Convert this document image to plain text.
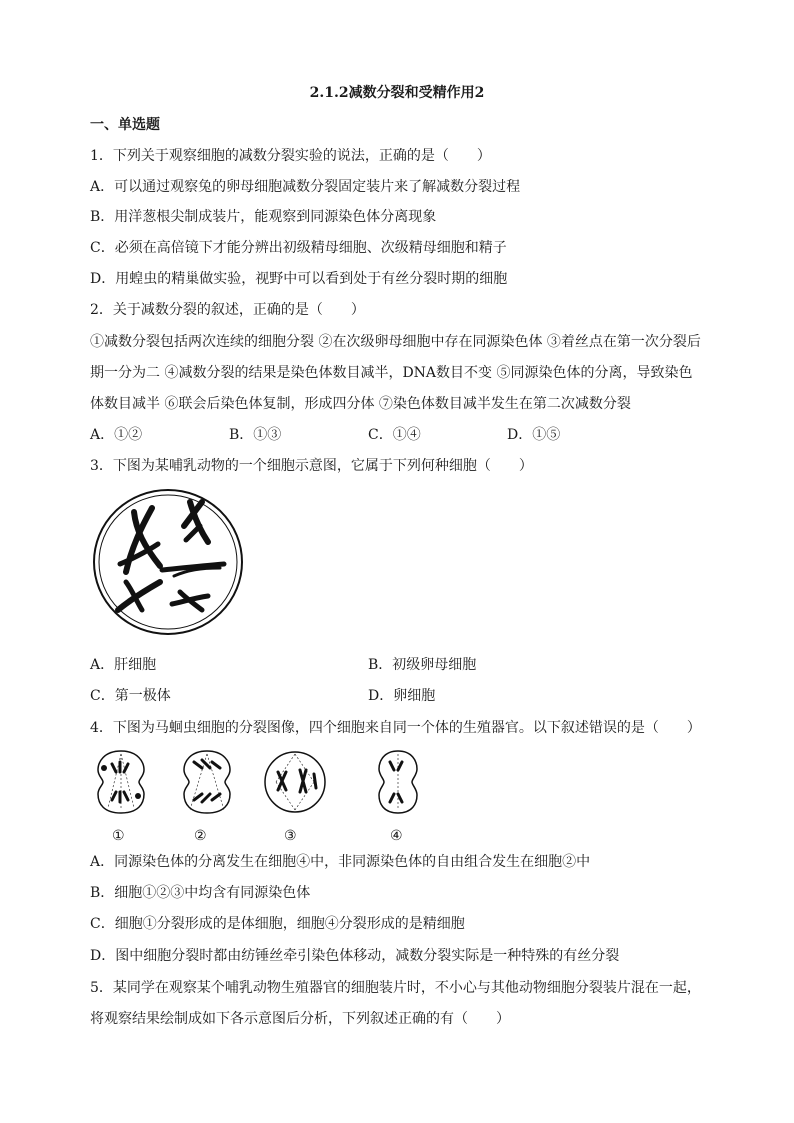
2.1.2减数分裂和受精作用2
一、单选题
1．下列关于观察细胞的减数分裂实验的说法，正确的是（　　）
A．可以通过观察兔的卵母细胞减数分裂固定装片来了解减数分裂过程
B．用洋葱根尖制成装片，能观察到同源染色体分离现象
C．必须在高倍镜下才能分辨出初级精母细胞、次级精母细胞和精子
D．用蝗虫的精巢做实验，视野中可以看到处于有丝分裂时期的细胞
2．关于减数分裂的叙述，正确的是（　　）
①减数分裂包括两次连续的细胞分裂 ②在次级卵母细胞中存在同源染色体 ③着丝点在第一次分裂后
期一分为二 ④减数分裂的结果是染色体数目减半，DNA数目不变 ⑤同源染色体的分离，导致染色
体数目减半 ⑥联会后染色体复制，形成四分体 ⑦染色体数目减半发生在第二次减数分裂
A．①②	B．①③	C．①④	D．①⑤
3．下图为某哺乳动物的一个细胞示意图，它属于下列何种细胞（　　）
A．肝细胞	B．初级卵母细胞
C．第一极体	D．卵细胞
4．下图为马蛔虫细胞的分裂图像，四个细胞来自同一个体的生殖器官。以下叙述错误的是（　　）
①	②	③	④
A．同源染色体的分离发生在细胞④中，非同源染色体的自由组合发生在细胞②中
B．细胞①②③中均含有同源染色体
C．细胞①分裂形成的是体细胞，细胞④分裂形成的是精细胞
D．图中细胞分裂时都由纺锤丝牵引染色体移动，减数分裂实际是一种特殊的有丝分裂
5．某同学在观察某个哺乳动物生殖器官的细胞装片时，不小心与其他动物细胞分裂装片混在一起，
将观察结果绘制成如下各示意图后分析，下列叙述正确的有（　　）
